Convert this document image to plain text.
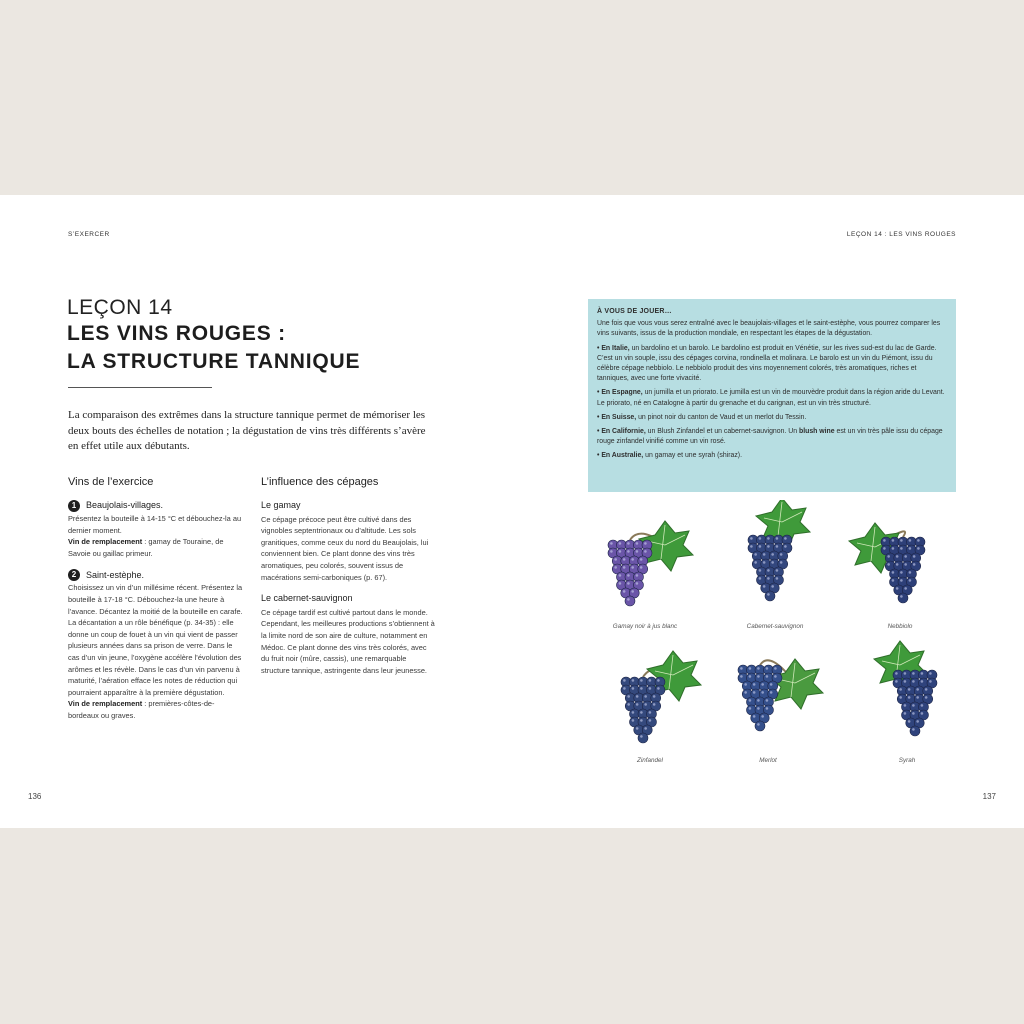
S’EXERCER	LEÇON 14 : LES VINS ROUGES
LEÇON 14
LES VINS ROUGES :
LA STRUCTURE TANNIQUE
La comparaison des extrêmes dans la structure tannique permet de mémoriser les deux bouts des échelles de notation ; la dégustation de vins très différents s’avère en effet utile aux débutants.
Vins de l’exercice
1	Beaujolais-villages.

Présentez la bouteille à 14-15 °C et débouchez-la au dernier moment.

Vin de remplacement : gamay de Touraine, de Savoie ou gaillac primeur.

2	Saint-estèphe.

Choisissez un vin d’un millésime récent. Présentez la bouteille à 17-18 °C. Débouchez-la une heure à l’avance. Décantez la moitié de la bouteille en carafe. La décantation a un rôle bénéfique (p. 34-35) : elle donne un coup de fouet à un vin qui vient de passer plusieurs années dans sa prison de verre. Dans le cas d’un vin jeune, l’oxygène accélère l’évolution des arômes et les révèle. Dans le cas d’un vin parvenu à maturité, l’aération efface les notes de réduction qui pourraient apparaître à la première dégustation.

Vin de remplacement : premières-côtes-de-bordeaux ou graves.

L’influence des cépages
Le gamay

Ce cépage précoce peut être cultivé dans des vignobles septentrionaux ou d’altitude. Les sols granitiques, comme ceux du nord du Beaujolais, lui conviennent bien. Ce plant donne des vins très aromatiques, peu colorés, souvent issus de macérations semi-carboniques (p. 67).

Le cabernet-sauvignon

Ce cépage tardif est cultivé partout dans le monde. Cependant, les meilleures productions s’obtiennent à la limite nord de son aire de culture, notamment en Médoc. Ce plant donne des vins très colorés, avec du fruit noir (mûre, cassis), une remarquable structure tannique, astringente dans leur jeunesse.

À VOUS DE JOUER…

Une fois que vous vous serez entraîné avec le beaujolais-villages et le saint-estèphe, vous pourrez comparer les vins suivants, issus de la production mondiale, en respectant les étapes de la dégustation.

• En Italie, un bardolino et un barolo. Le bardolino est produit en Vénétie, sur les rives sud-est du lac de Garde. C’est un vin souple, issu des cépages corvina, rondinella et molinara. Le barolo est un vin du Piémont, issu du célèbre cépage nebbiolo. Le nebbiolo produit des vins moyennement colorés, très aromatiques, riches et tanniques, avec une forte vivacité.

• En Espagne, un jumilla et un priorato. Le jumilla est un vin de mourvèdre produit dans la région aride du Levant. Le priorato, né en Catalogne à partir du grenache et du carignan, est un vin très structuré.

• En Suisse, un pinot noir du canton de Vaud et un merlot du Tessin.

• En Californie, un Blush Zinfandel et un cabernet-sauvignon. Un blush wine est un vin très pâle issu du cépage rouge zinfandel vinifié comme un vin rosé.

• En Australie, un gamay et une syrah (shiraz).

Gamay noir à jus blanc	Cabernet-sauvignon	Nebbiolo
Zinfandel	Merlot	Syrah
136	137
